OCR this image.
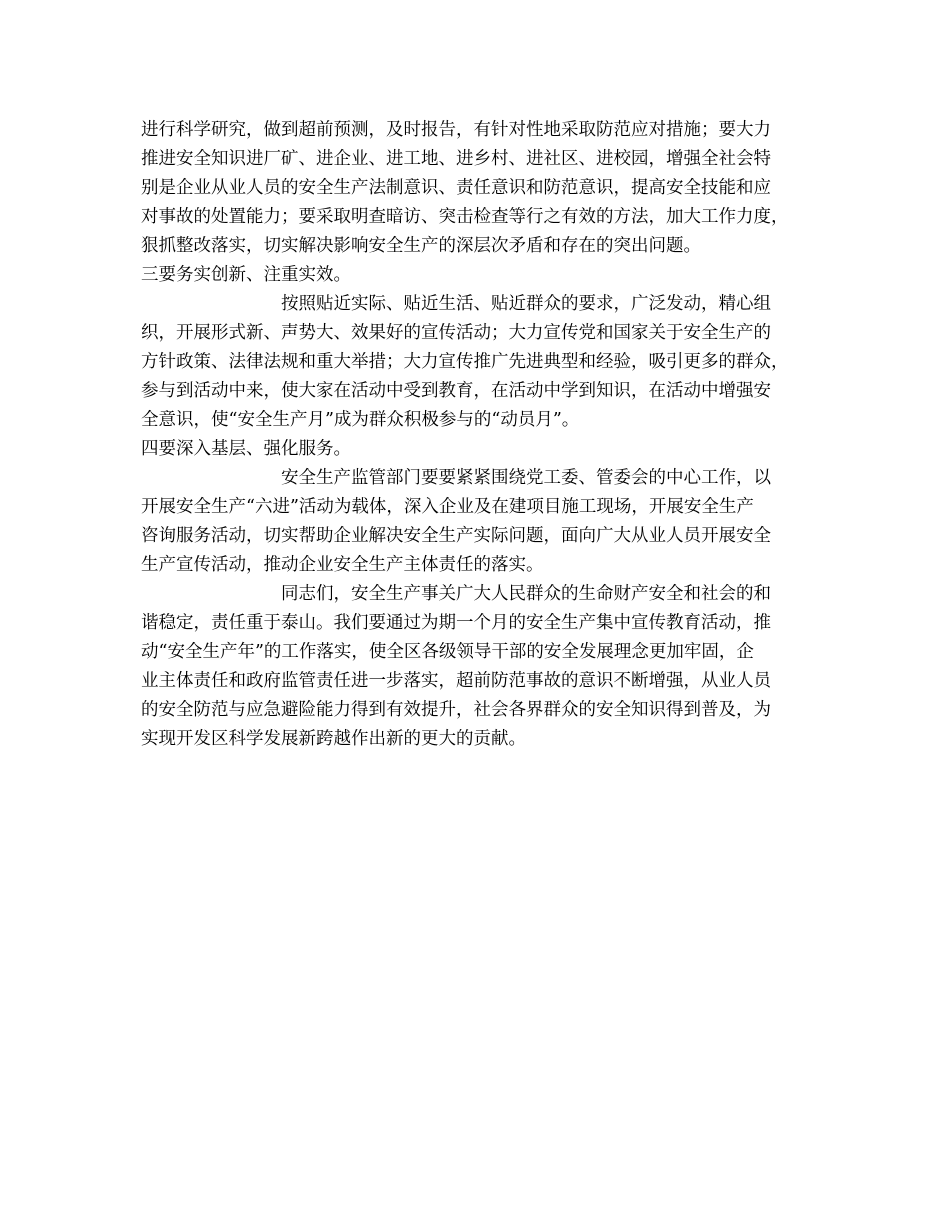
进行科学研究，做到超前预测，及时报告，有针对性地采取防范应对措施；要大力
推进安全知识进厂矿、进企业、进工地、进乡村、进社区、进校园，增强全社会特
别是企业从业人员的安全生产法制意识、责任意识和防范意识，提高安全技能和应
对事故的处置能力；要采取明查暗访、突击检查等行之有效的方法，加大工作力度，
狠抓整改落实，切实解决影响安全生产的深层次矛盾和存在的突出问题。
三要务实创新、注重实效。
按照贴近实际、贴近生活、贴近群众的要求，广泛发动，精心组
织，开展形式新、声势大、效果好的宣传活动；大力宣传党和国家关于安全生产的
方针政策、法律法规和重大举措；大力宣传推广先进典型和经验，吸引更多的群众，
参与到活动中来，使大家在活动中受到教育，在活动中学到知识，在活动中增强安
全意识，使“安全生产月”成为群众积极参与的“动员月”。
四要深入基层、强化服务。
安全生产监管部门要要紧紧围绕党工委、管委会的中心工作，以
开展安全生产“六进”活动为载体，深入企业及在建项目施工现场，开展安全生产
咨询服务活动，切实帮助企业解决安全生产实际问题，面向广大从业人员开展安全
生产宣传活动，推动企业安全生产主体责任的落实。
同志们，安全生产事关广大人民群众的生命财产安全和社会的和
谐稳定，责任重于泰山。我们要通过为期一个月的安全生产集中宣传教育活动，推
动“安全生产年”的工作落实，使全区各级领导干部的安全发展理念更加牢固，企
业主体责任和政府监管责任进一步落实，超前防范事故的意识不断增强，从业人员
的安全防范与应急避险能力得到有效提升，社会各界群众的安全知识得到普及，为
实现开发区科学发展新跨越作出新的更大的贡献。
